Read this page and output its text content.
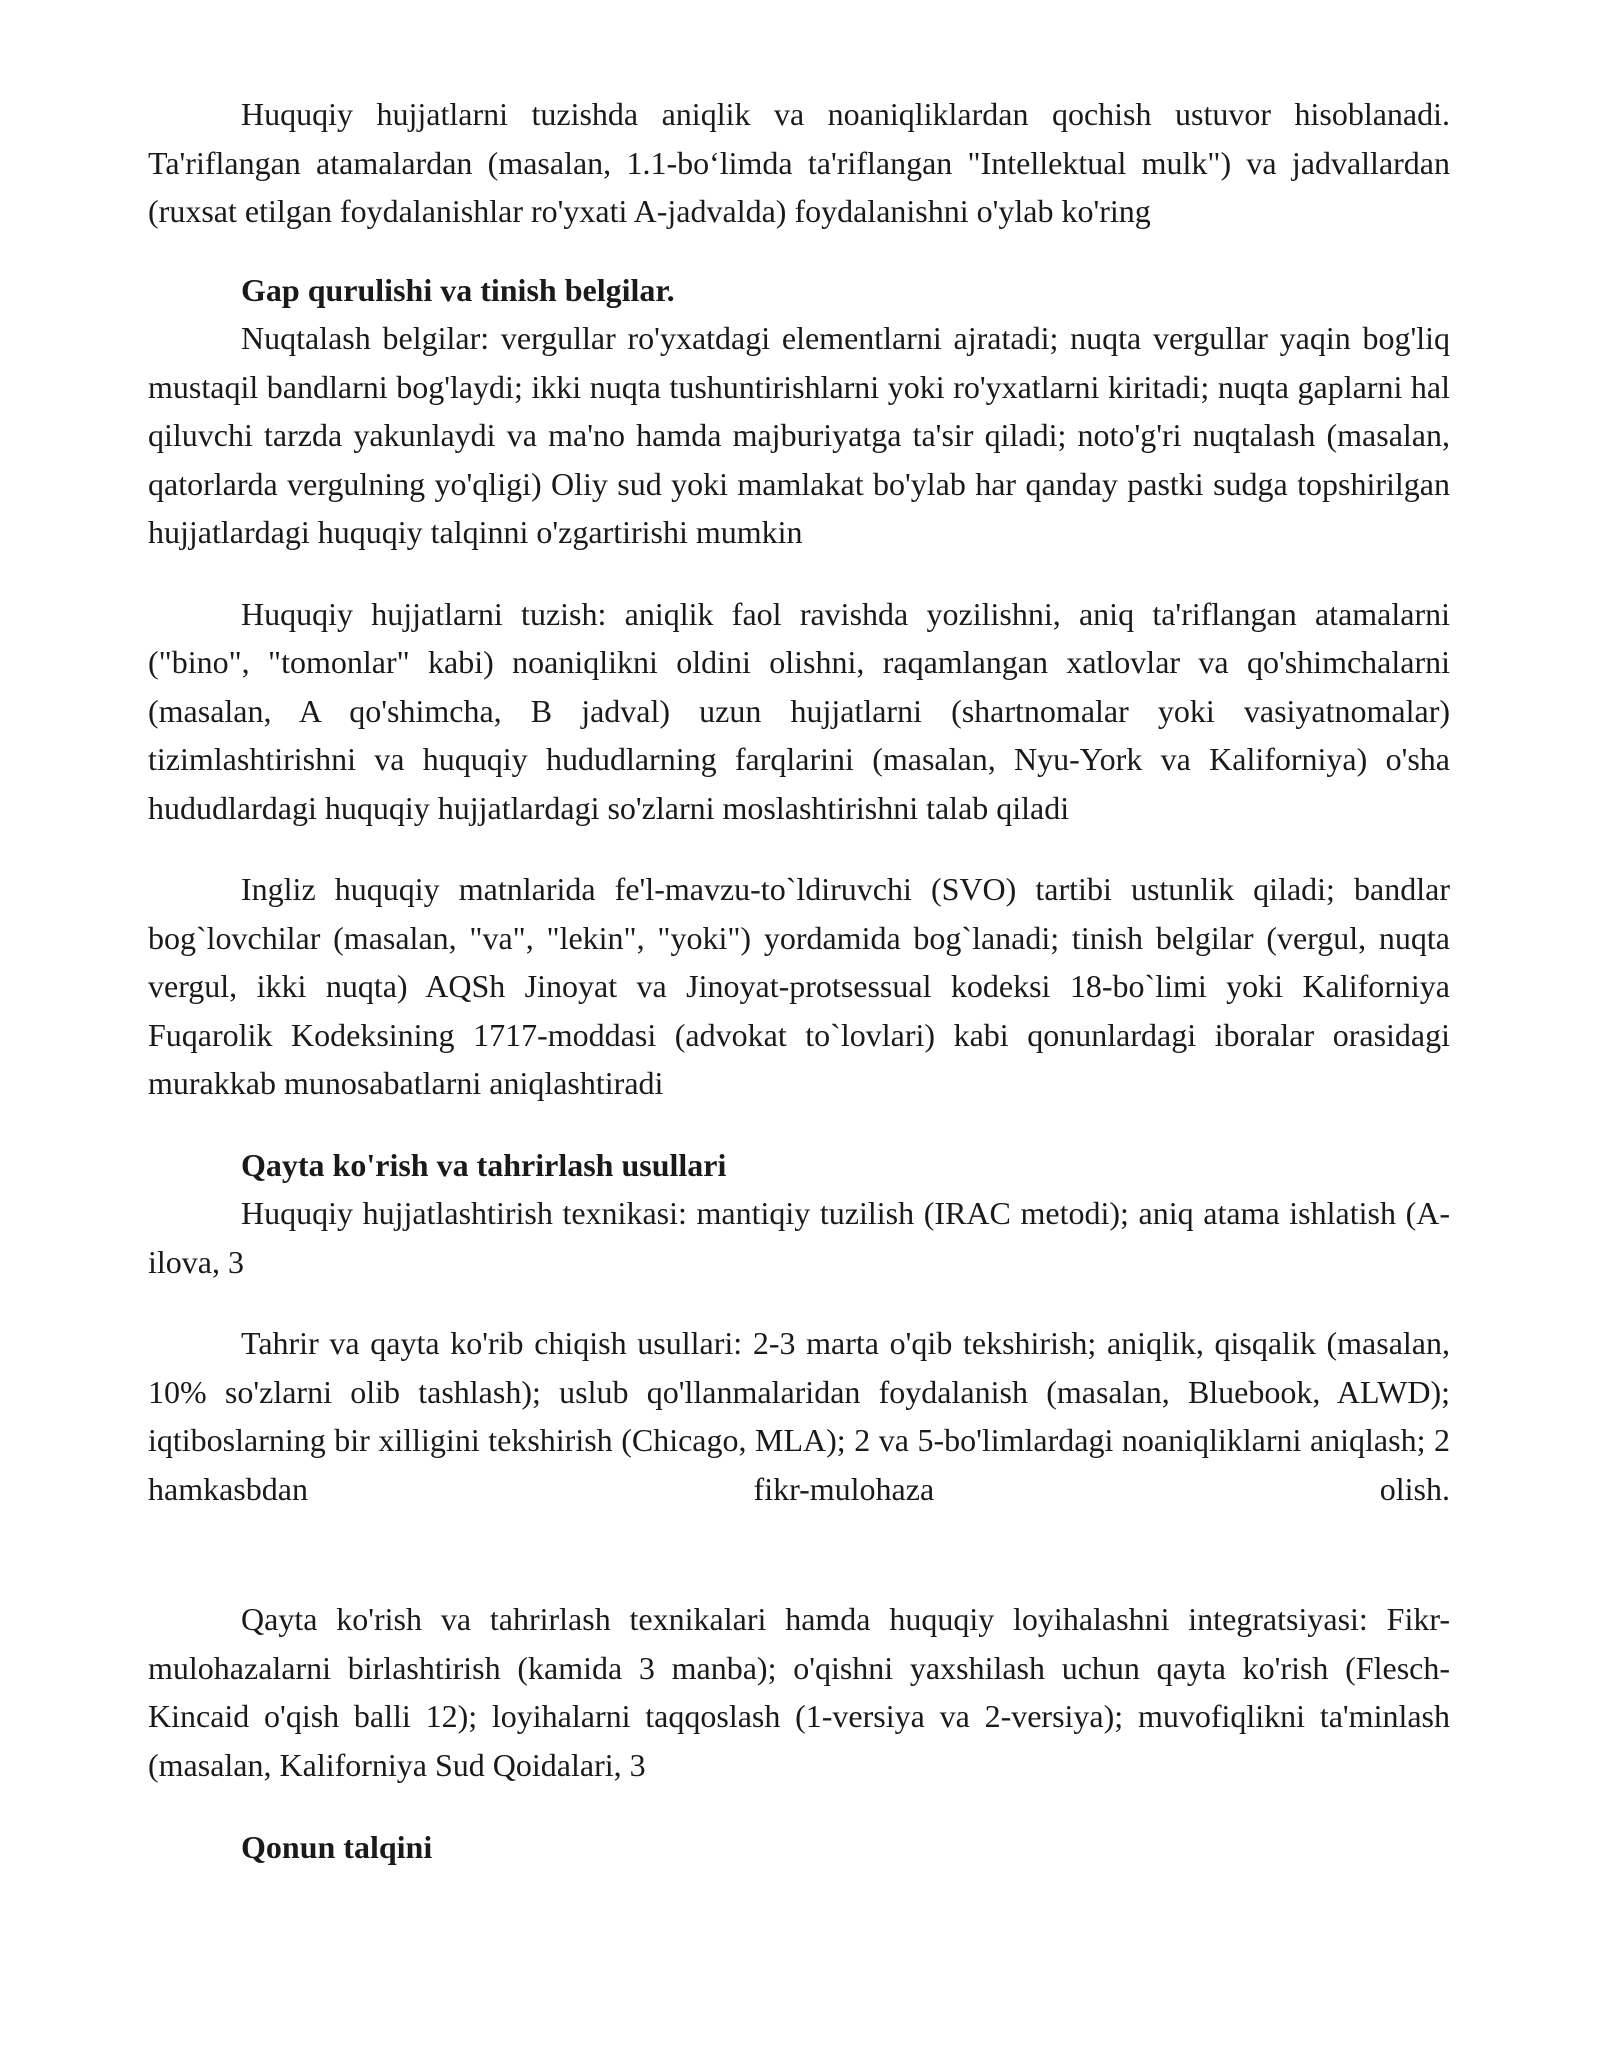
Huquqiy hujjatlarni tuzishda aniqlik va noaniqliklardan qochish ustuvor hisoblanadi. Ta'riflangan atamalardan (masalan, 1.1-bo‘limda ta'riflangan "Intellektual mulk") va jadvallardan (ruxsat etilgan foydalanishlar ro'yxati A-jadvalda) foydalanishni o'ylab ko'ring

Gap qurulishi va tinish belgilar.

Nuqtalash belgilar: vergullar ro'yxatdagi elementlarni ajratadi; nuqta vergullar yaqin bog'liq mustaqil bandlarni bog'laydi; ikki nuqta tushuntirishlarni yoki ro'yxatlarni kiritadi; nuqta gaplarni hal qiluvchi tarzda yakunlaydi va ma'no hamda majburiyatga ta'sir qiladi; noto'g'ri nuqtalash (masalan, qatorlarda vergulning yo'qligi) Oliy sud yoki mamlakat bo'ylab har qanday pastki sudga topshirilgan hujjatlardagi huquqiy talqinni o'zgartirishi mumkin

Huquqiy hujjatlarni tuzish: aniqlik faol ravishda yozilishni, aniq ta'riflangan atamalarni ("bino", "tomonlar" kabi) noaniqlikni oldini olishni, raqamlangan xatlovlar va qo'shimchalarni (masalan, A qo'shimcha, B jadval) uzun hujjatlarni (shartnomalar yoki vasiyatnomalar) tizimlashtirishni va huquqiy hududlarning farqlarini (masalan, Nyu-York va Kaliforniya) o'sha hududlardagi huquqiy hujjatlardagi so'zlarni moslashtirishni talab qiladi

Ingliz huquqiy matnlarida fe'l-mavzu-to`ldiruvchi (SVO) tartibi ustunlik qiladi; bandlar bog`lovchilar (masalan, "va", "lekin", "yoki") yordamida bog`lanadi; tinish belgilar (vergul, nuqta vergul, ikki nuqta) AQSh Jinoyat va Jinoyat-protsessual kodeksi 18-bo`limi yoki Kaliforniya Fuqarolik Kodeksining 1717-moddasi (advokat to`lovlari) kabi qonunlardagi iboralar orasidagi murakkab munosabatlarni aniqlashtiradi

Qayta ko'rish va tahrirlash usullari

Huquqiy hujjatlashtirish texnikasi: mantiqiy tuzilish (IRAC metodi); aniq atama ishlatish (A-ilova, 3

Tahrir va qayta ko'rib chiqish usullari: 2-3 marta o'qib tekshirish; aniqlik, qisqalik (masalan, 10% so'zlarni olib tashlash); uslub qo'llanmalaridan foydalanish (masalan, Bluebook, ALWD); iqtiboslarning bir xilligini tekshirish (Chicago, MLA); 2 va 5-bo'limlardagi noaniqliklarni aniqlash; 2 hamkasbdan fikr-mulohaza olish.

Qayta ko'rish va tahrirlash texnikalari hamda huquqiy loyihalashni integratsiyasi: Fikr-mulohazalarni birlashtirish (kamida 3 manba); o'qishni yaxshilash uchun qayta ko'rish (Flesch-Kincaid o'qish balli 12); loyihalarni taqqoslash (1-versiya va 2-versiya); muvofiqlikni ta'minlash (masalan, Kaliforniya Sud Qoidalari, 3

Qonun talqini
